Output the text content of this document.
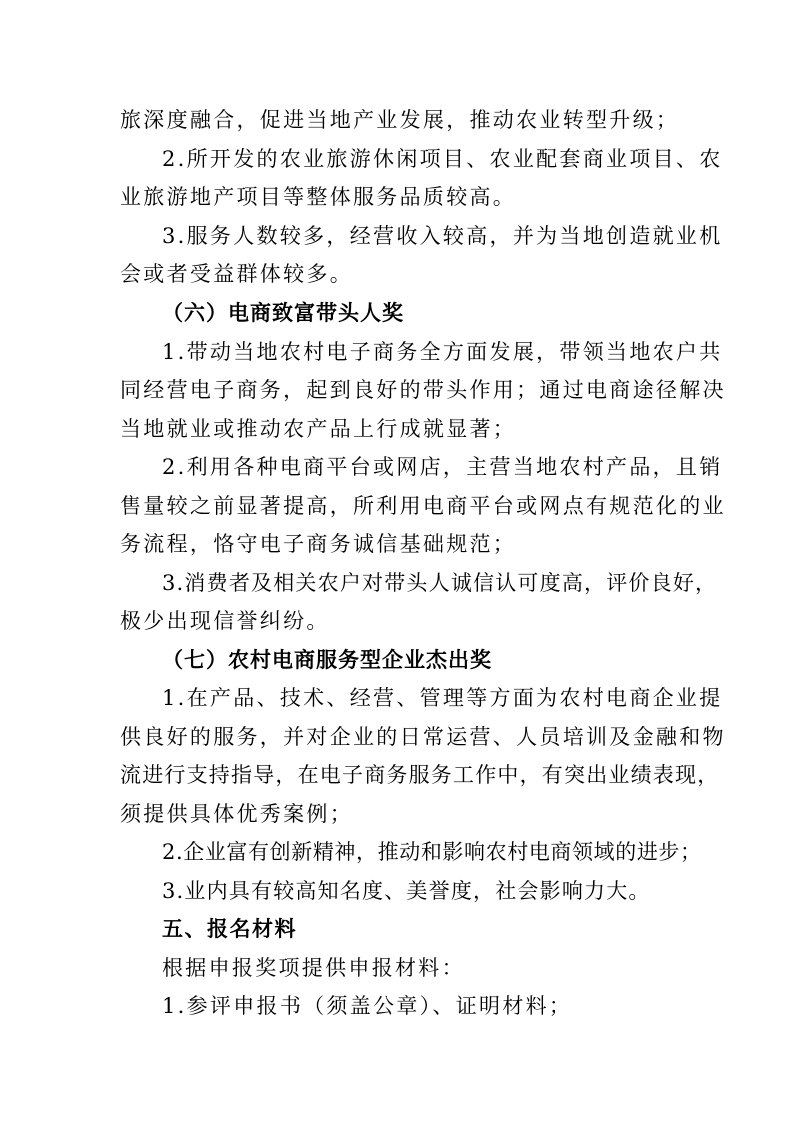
旅深度融合，促进当地产业发展，推动农业转型升级；
2.所开发的农业旅游休闲项目、农业配套商业项目、农
业旅游地产项目等整体服务品质较高。
3.服务人数较多，经营收入较高，并为当地创造就业机
会或者受益群体较多。
（六）电商致富带头人奖
1.带动当地农村电子商务全方面发展，带领当地农户共
同经营电子商务，起到良好的带头作用；通过电商途径解决
当地就业或推动农产品上行成就显著；
2.利用各种电商平台或网店，主营当地农村产品，且销
售量较之前显著提高，所利用电商平台或网点有规范化的业
务流程，恪守电子商务诚信基础规范；
3.消费者及相关农户对带头人诚信认可度高，评价良好，
极少出现信誉纠纷。
（七）农村电商服务型企业杰出奖
1.在产品、技术、经营、管理等方面为农村电商企业提
供良好的服务，并对企业的日常运营、人员培训及金融和物
流进行支持指导，在电子商务服务工作中，有突出业绩表现，
须提供具体优秀案例；
2.企业富有创新精神，推动和影响农村电商领域的进步；
3.业内具有较高知名度、美誉度，社会影响力大。
五、报名材料
根据申报奖项提供申报材料：
1.参评申报书（须盖公章）、证明材料；
